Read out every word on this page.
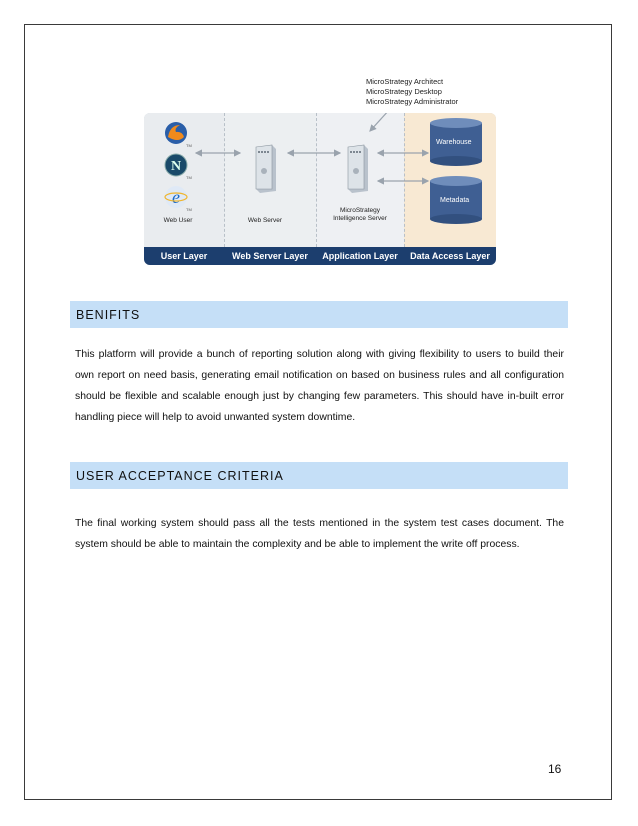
MicroStrategy Architect
MicroStrategy Desktop
MicroStrategy Administrator
TM
N
TM
e
TM
Web User	Web Server
MicroStrategy
Intelligence Server
Warehouse
Metadata
User Layer	Web Server Layer	Application Layer	Data Access Layer
BENIFITS
This platform will provide a bunch of reporting solution along with giving flexibility to users to build their own report on need basis, generating email notification on based on business rules and all configuration should be flexible and scalable enough just by changing few parameters. This should have in-built error handling piece will help to avoid unwanted system downtime.
USER ACCEPTANCE CRITERIA
The final working system should pass all the tests mentioned in the system test cases document. The system should be able to maintain the complexity and be able to implement the write off process.
16
